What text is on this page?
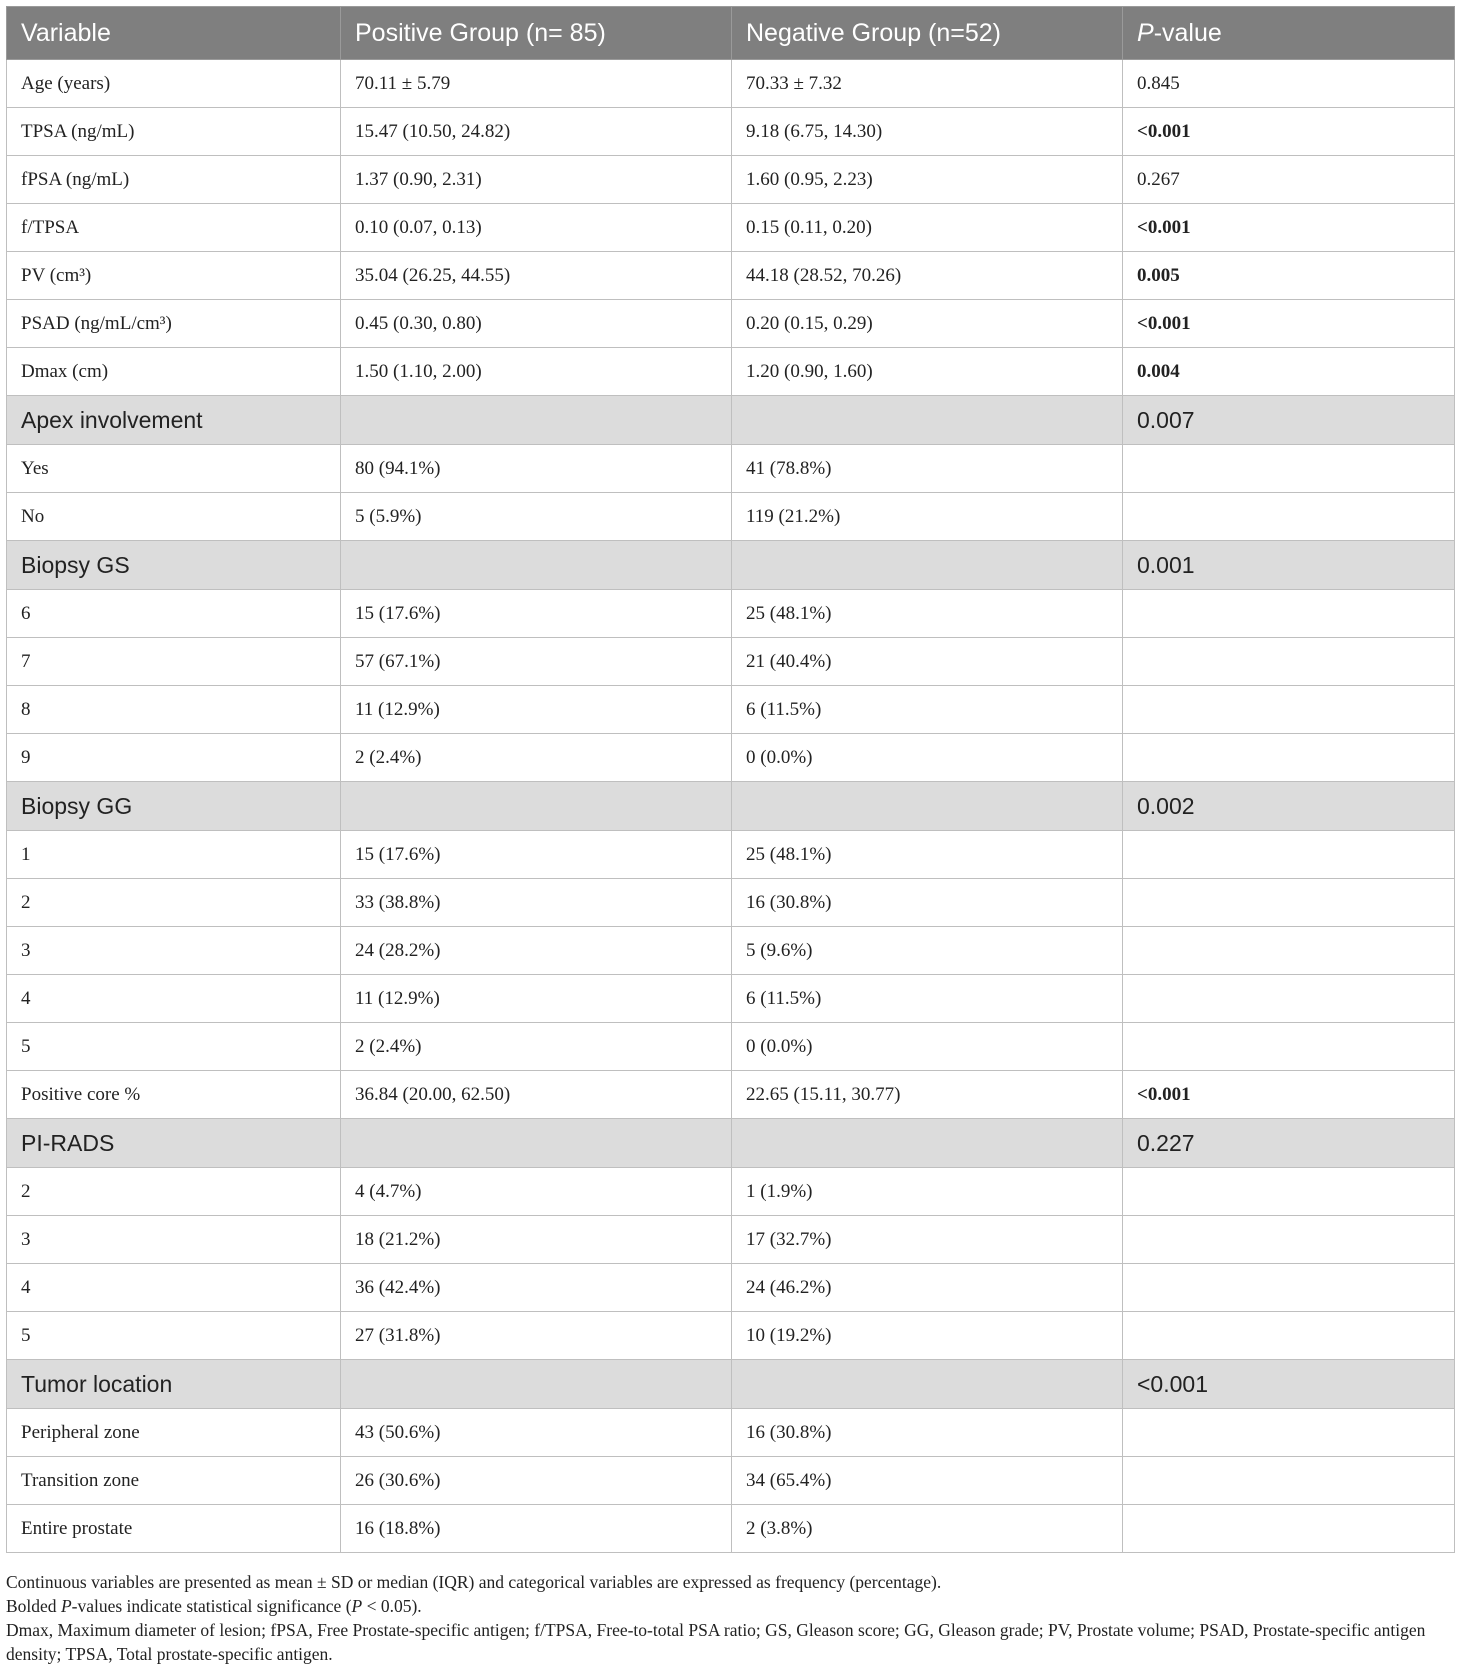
Variable	Positive Group (n= 85)	Negative Group (n=52)	P-value
Age (years)	70.11 ± 5.79	70.33 ± 7.32	0.845
TPSA (ng/mL)	15.47 (10.50, 24.82)	9.18 (6.75, 14.30)	<0.001
fPSA (ng/mL)	1.37 (0.90, 2.31)	1.60 (0.95, 2.23)	0.267
f/TPSA	0.10 (0.07, 0.13)	0.15 (0.11, 0.20)	<0.001
PV (cm³)	35.04 (26.25, 44.55)	44.18 (28.52, 70.26)	0.005
PSAD (ng/mL/cm³)	0.45 (0.30, 0.80)	0.20 (0.15, 0.29)	<0.001
Dmax (cm)	1.50 (1.10, 2.00)	1.20 (0.90, 1.60)	0.004
Apex involvement			0.007
Yes	80 (94.1%)	41 (78.8%)	
No	5 (5.9%)	119 (21.2%)	
Biopsy GS			0.001
6	15 (17.6%)	25 (48.1%)	
7	57 (67.1%)	21 (40.4%)	
8	11 (12.9%)	6 (11.5%)	
9	2 (2.4%)	0 (0.0%)	
Biopsy GG			0.002
1	15 (17.6%)	25 (48.1%)	
2	33 (38.8%)	16 (30.8%)	
3	24 (28.2%)	5 (9.6%)	
4	11 (12.9%)	6 (11.5%)	
5	2 (2.4%)	0 (0.0%)	
Positive core %	36.84 (20.00, 62.50)	22.65 (15.11, 30.77)	<0.001
PI-RADS			0.227
2	4 (4.7%)	1 (1.9%)	
3	18 (21.2%)	17 (32.7%)	
4	36 (42.4%)	24 (46.2%)	
5	27 (31.8%)	10 (19.2%)	
Tumor location			<0.001
Peripheral zone	43 (50.6%)	16 (30.8%)	
Transition zone	26 (30.6%)	34 (65.4%)	
Entire prostate	16 (18.8%)	2 (3.8%)	

Continuous variables are presented as mean ± SD or median (IQR) and categorical variables are expressed as frequency (percentage).

Bolded P-values indicate statistical significance (P < 0.05).

Dmax, Maximum diameter of lesion; fPSA, Free Prostate-specific antigen; f/TPSA, Free-to-total PSA ratio; GS, Gleason score; GG, Gleason grade; PV, Prostate volume; PSAD, Prostate-specific antigen density; TPSA, Total prostate-specific antigen.
